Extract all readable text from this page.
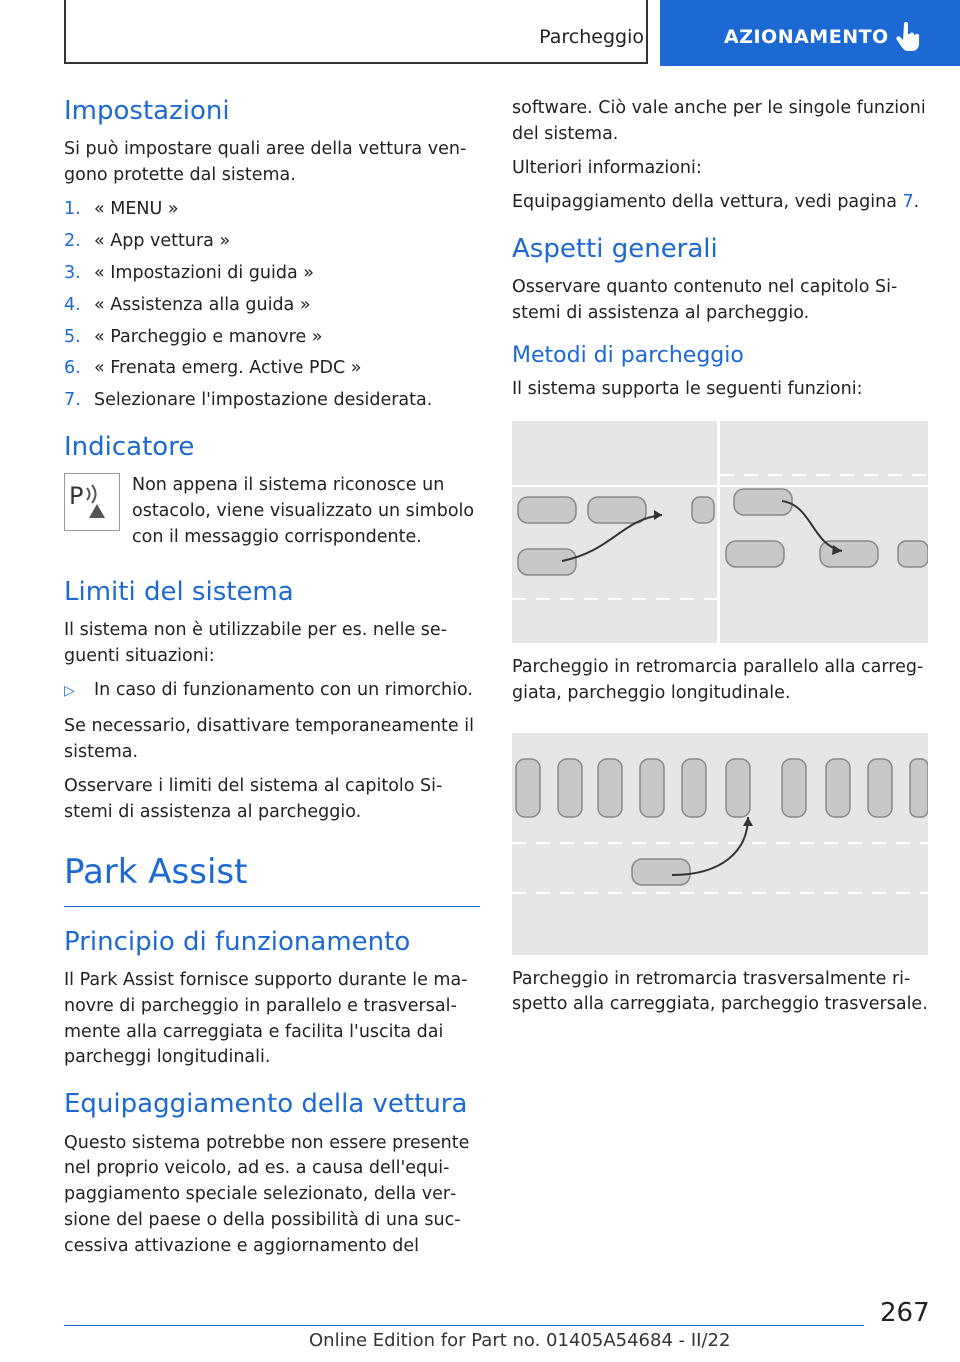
Parcheggio	AZIONAMENTO
Impostazioni

Si può impostare quali aree della vettura vengono protette dal sistema.

1. « MENU »
2. « App vettura »
3. « Impostazioni di guida »
4. « Assistenza alla guida »
5. « Parcheggio e manovre »
6. « Frenata emerg. Active PDC »
7. Selezionare l'impostazione desiderata.
Indicatore
P	Non appena il sistema riconosce un ostacolo, viene visualizzato un simbolo con il messaggio corrispondente.
Limiti del sistema

Il sistema non è utilizzabile per es. nelle seguenti situazioni:

▷	In caso di funzionamento con un rimorchio.

Se necessario, disattivare temporaneamente il sistema.

Osservare i limiti del sistema al capitolo Sistemi di assistenza al parcheggio.

Park Assist
Principio di funzionamento

Il Park Assist fornisce supporto durante le manovre di parcheggio in parallelo e trasversalmente alla carreggiata e facilita l'uscita dai parcheggi longitudinali.

Equipaggiamento della vettura

Questo sistema potrebbe non essere presente nel proprio veicolo, ad es. a causa dell'equipaggiamento speciale selezionato, della versione del paese o della possibilità di una successiva attivazione e aggiornamento del

software. Ciò vale anche per le singole funzioni del sistema.

Ulteriori informazioni:

Equipaggiamento della vettura, vedi pagina 7.

Aspetti generali

Osservare quanto contenuto nel capitolo Sistemi di assistenza al parcheggio.

Metodi di parcheggio

Il sistema supporta le seguenti funzioni:

Parcheggio in retromarcia parallelo alla carreggiata, parcheggio longitudinale.

Parcheggio in retromarcia trasversalmente rispetto alla carreggiata, parcheggio trasversale.

267
Online Edition for Part no. 01405A54684 - II/22
